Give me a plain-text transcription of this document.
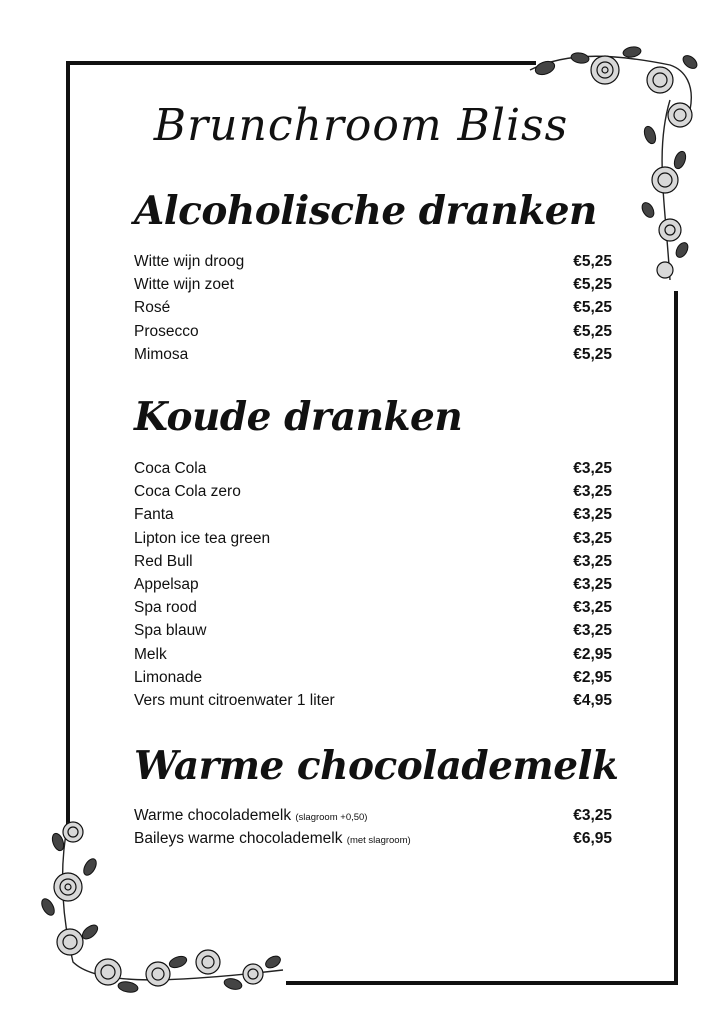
Brunchroom Bliss
Alcoholische dranken
Witte wijn droog	€5,25
Witte wijn zoet	€5,25
Rosé	€5,25
Prosecco	€5,25
Mimosa	€5,25
Koude dranken
Coca Cola	€3,25
Coca Cola zero	€3,25
Fanta	€3,25
Lipton ice tea green	€3,25
Red Bull	€3,25
Appelsap	€3,25
Spa rood	€3,25
Spa blauw	€3,25
Melk	€2,95
Limonade	€2,95
Vers munt citroenwater 1 liter	€4,95
Warme chocolademelk
Warme chocolademelk (slagroom +0,50)	€3,25
Baileys warme chocolademelk (met slagroom)	€6,95
